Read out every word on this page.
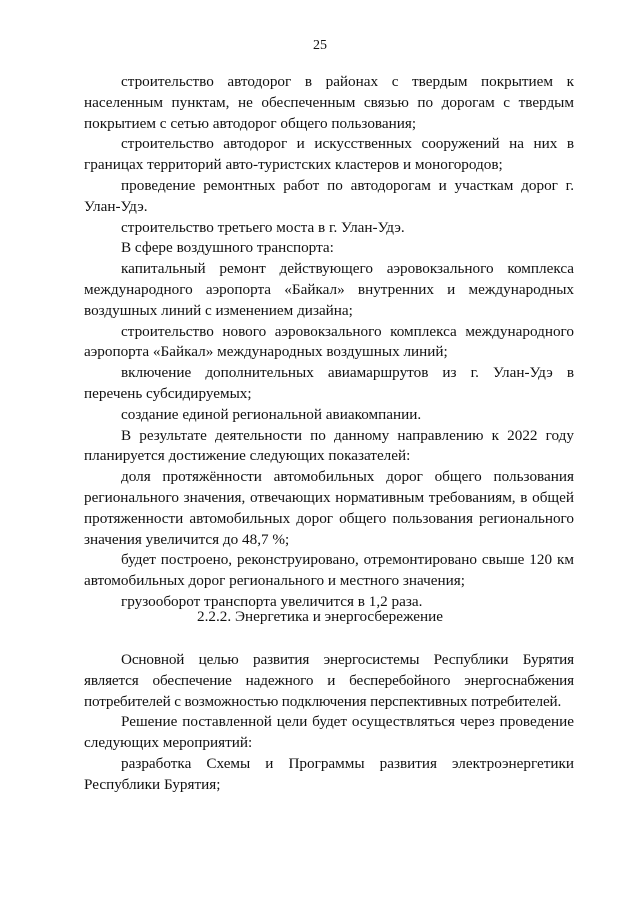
25

строительство автодорог в районах с твердым покрытием к населенным пунктам, не обеспеченным связью по дорогам с твердым покрытием с сетью автодорог общего пользования;

строительство автодорог и искусственных сооружений на них в границах территорий авто-туристских кластеров и моногородов;

проведение ремонтных работ по автодорогам и участкам дорог г. Улан-Удэ.

строительство третьего моста в г. Улан-Удэ.

В сфере воздушного транспорта:

капитальный ремонт действующего аэровокзального комплекса международного аэропорта «Байкал» внутренних и международных воздушных линий с изменением дизайна;

строительство нового аэровокзального комплекса международного аэропорта «Байкал» международных воздушных линий;

включение дополнительных авиамаршрутов из г. Улан-Удэ в перечень субсидируемых;

создание единой региональной авиакомпании.

В результате деятельности по данному направлению к 2022 году планируется достижение следующих показателей:

доля протяжённости автомобильных дорог общего пользования регионального значения, отвечающих нормативным требованиям, в общей протяженности автомобильных дорог общего пользования регионального значения увеличится до 48,7 %;

будет построено, реконструировано, отремонтировано свыше 120 км автомобильных дорог регионального и местного значения;

грузооборот транспорта увеличится в 1,2 раза.

2.2.2. Энергетика и энергосбережение

Основной целью развития энергосистемы Республики Бурятия является обеспечение надежного и бесперебойного энергоснабжения потребителей с возможностью подключения перспективных потребителей.

Решение поставленной цели будет осуществляться через проведение следующих мероприятий:

разработка Схемы и Программы развития электроэнергетики Республики Бурятия;
